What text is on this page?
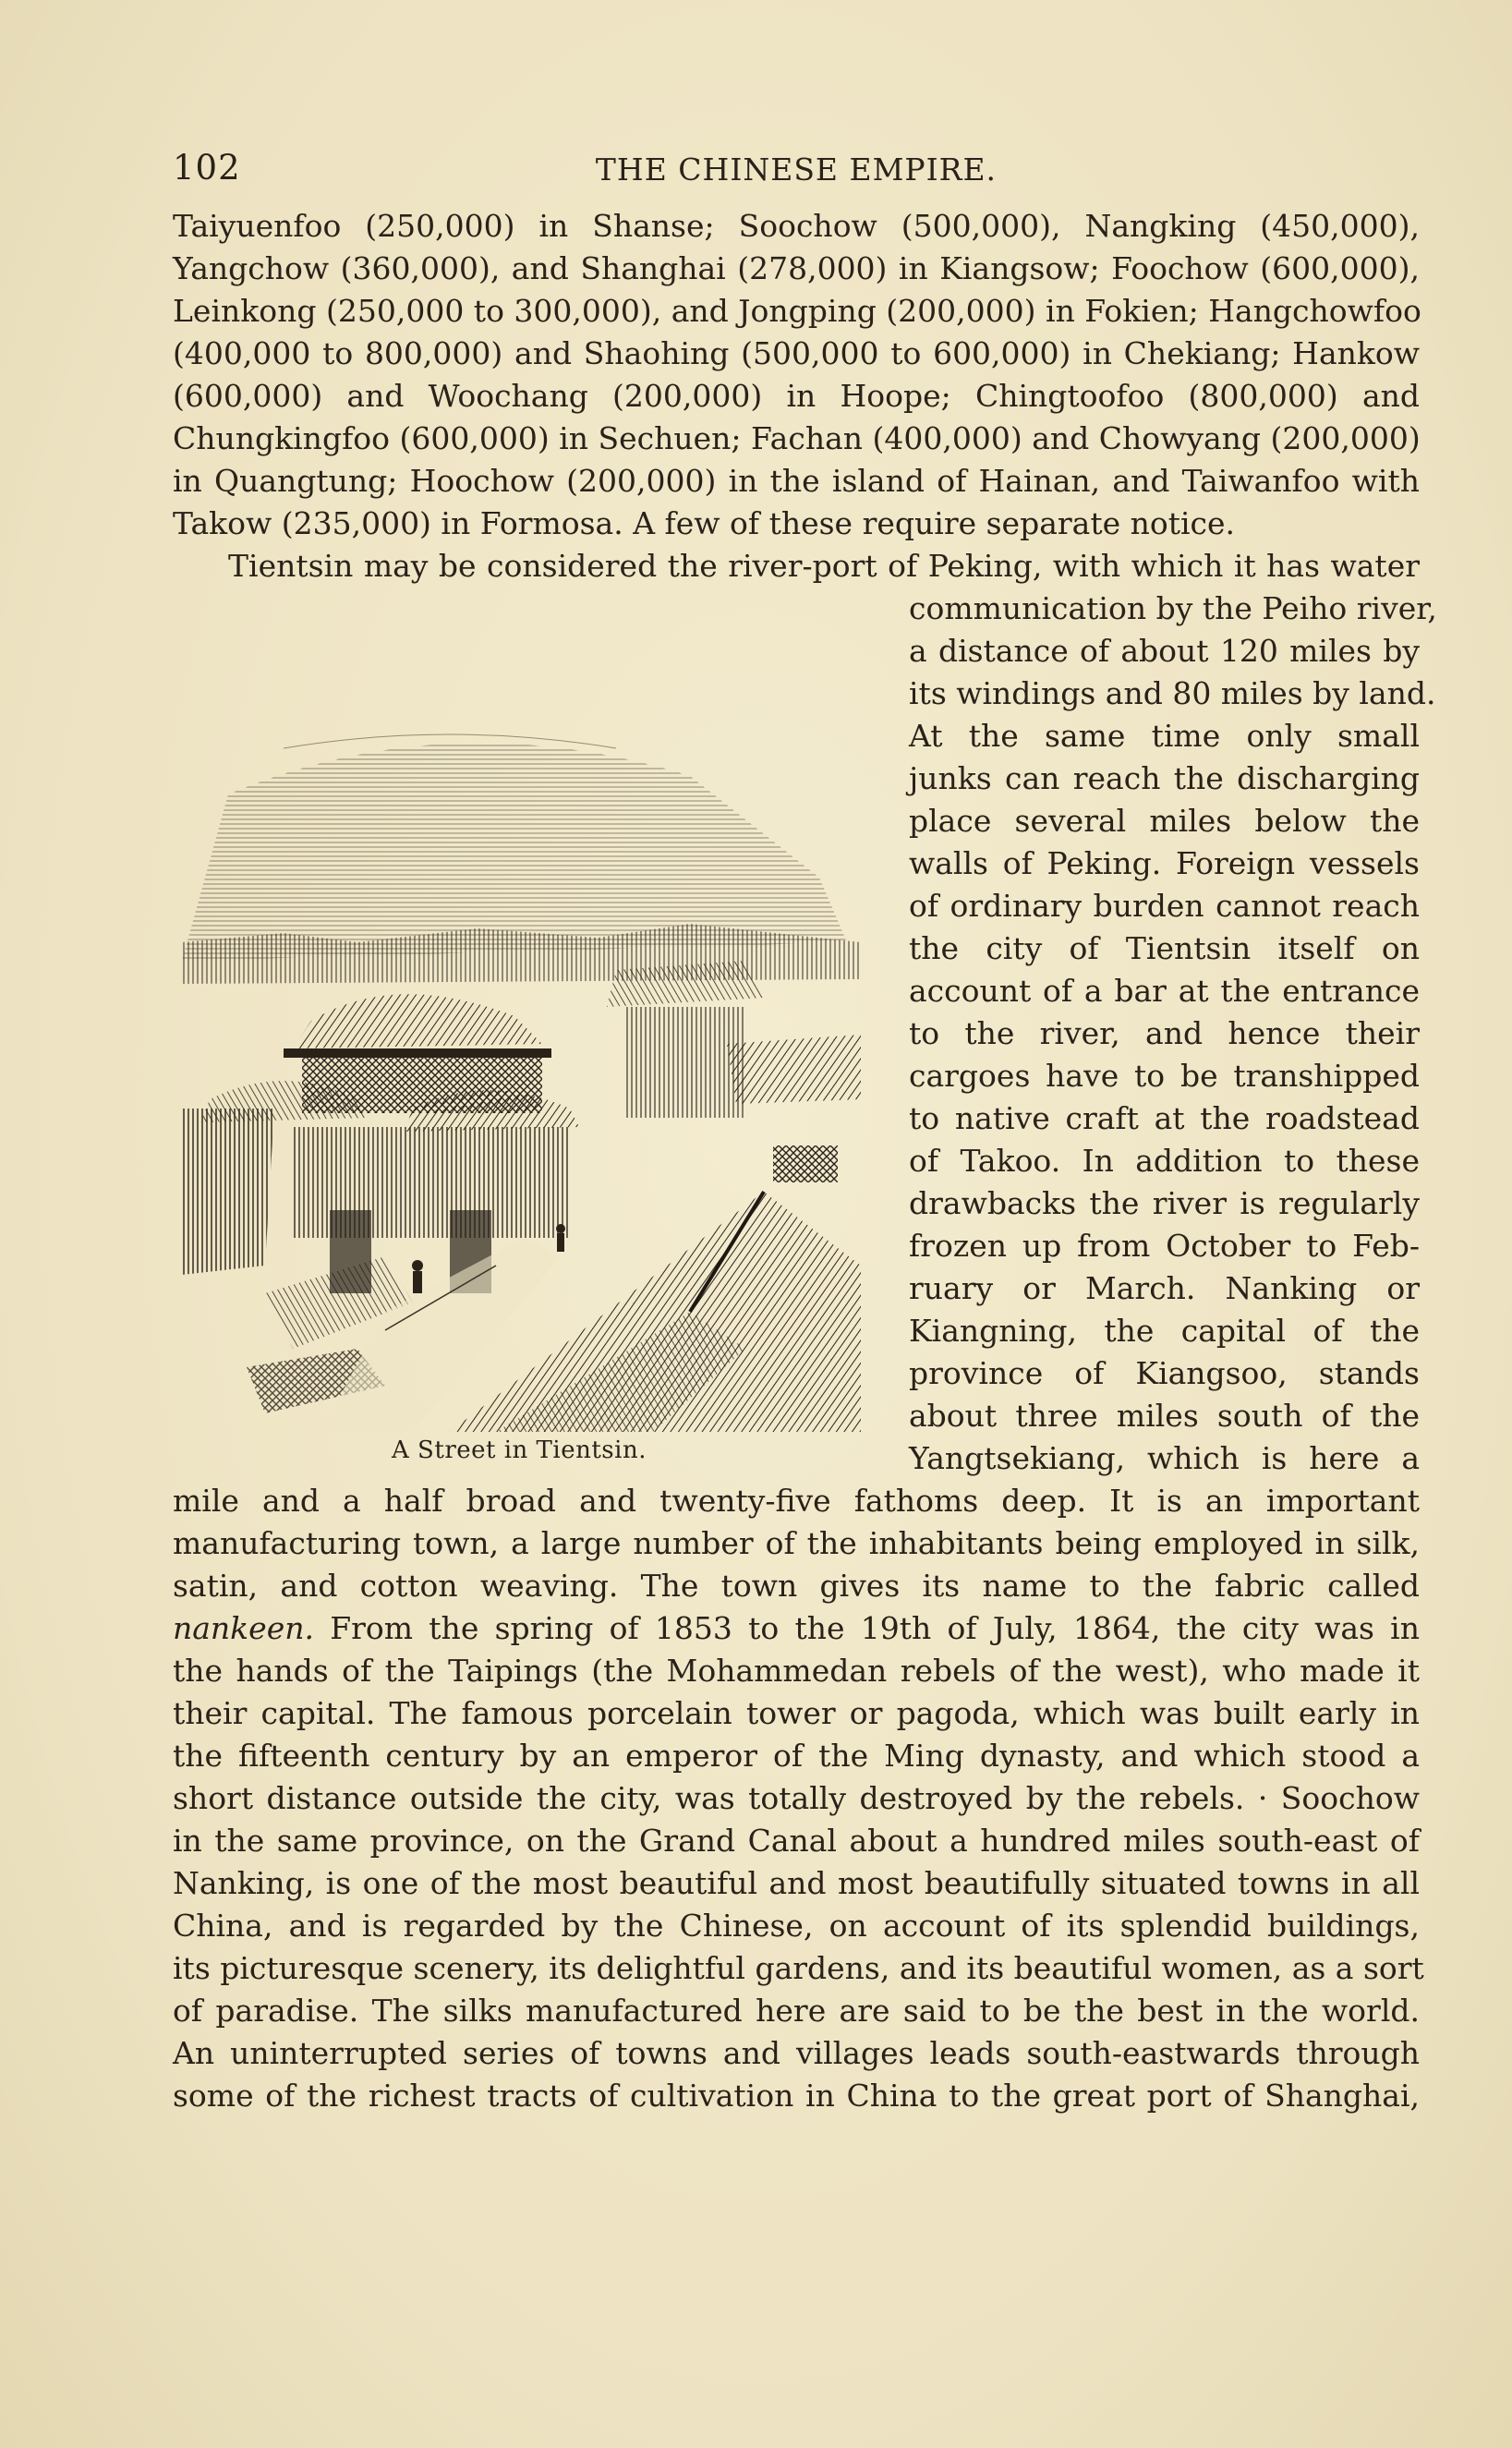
102	THE CHINESE EMPIRE.
Taiyuenfoo (250,000) in Shanse; Soochow (500,000), Nangking (450,000),
Yangchow (360,000), and Shanghai (278,000) in Kiangsow; Foochow (600,000),
Leinkong (250,000 to 300,000), and Jongping (200,000) in Fokien; Hangchowfoo
(400,000 to 800,000) and Shaohing (500,000 to 600,000) in Chekiang; Hankow
(600,000) and Woochang (200,000) in Hoope; Chingtoofoo (800,000) and
Chungkingfoo (600,000) in Sechuen; Fachan (400,000) and Chowyang (200,000)
in Quangtung; Hoochow (200,000) in the island of Hainan, and Taiwanfoo with
Takow (235,000) in Formosa. A few of these require separate notice.
Tientsin may be considered the river-port of Peking, with which it has water
communication by the Peiho river,
a distance of about 120 miles by
its windings and 80 miles by land.
At the same time only small
junks can reach the discharging
place several miles below the
walls of Peking. Foreign vessels
of ordinary burden cannot reach
the city of Tientsin itself on
account of a bar at the entrance
to the river, and hence their
cargoes have to be transhipped
to native craft at the roadstead
of Takoo. In addition to these
drawbacks the river is regularly
frozen up from October to Feb-
ruary or March. Nanking or
Kiangning, the capital of the
province of Kiangsoo, stands
about three miles south of the
Yangtsekiang, which is here a
mile and a half broad and twenty-five fathoms deep. It is an important
manufacturing town, a large number of the inhabitants being employed in silk,
satin, and cotton weaving. The town gives its name to the fabric called
nankeen. From the spring of 1853 to the 19th of July, 1864, the city was in
the hands of the Taipings (the Mohammedan rebels of the west), who made it
their capital. The famous porcelain tower or pagoda, which was built early in
the fifteenth century by an emperor of the Ming dynasty, and which stood a
short distance outside the city, was totally destroyed by the rebels. · Soochow
in the same province, on the Grand Canal about a hundred miles south-east of
Nanking, is one of the most beautiful and most beautifully situated towns in all
China, and is regarded by the Chinese, on account of its splendid buildings,
its picturesque scenery, its delightful gardens, and its beautiful women, as a sort
of paradise. The silks manufactured here are said to be the best in the world.
An uninterrupted series of towns and villages leads south-eastwards through
some of the richest tracts of cultivation in China to the great port of Shanghai,
A Street in Tientsin.
